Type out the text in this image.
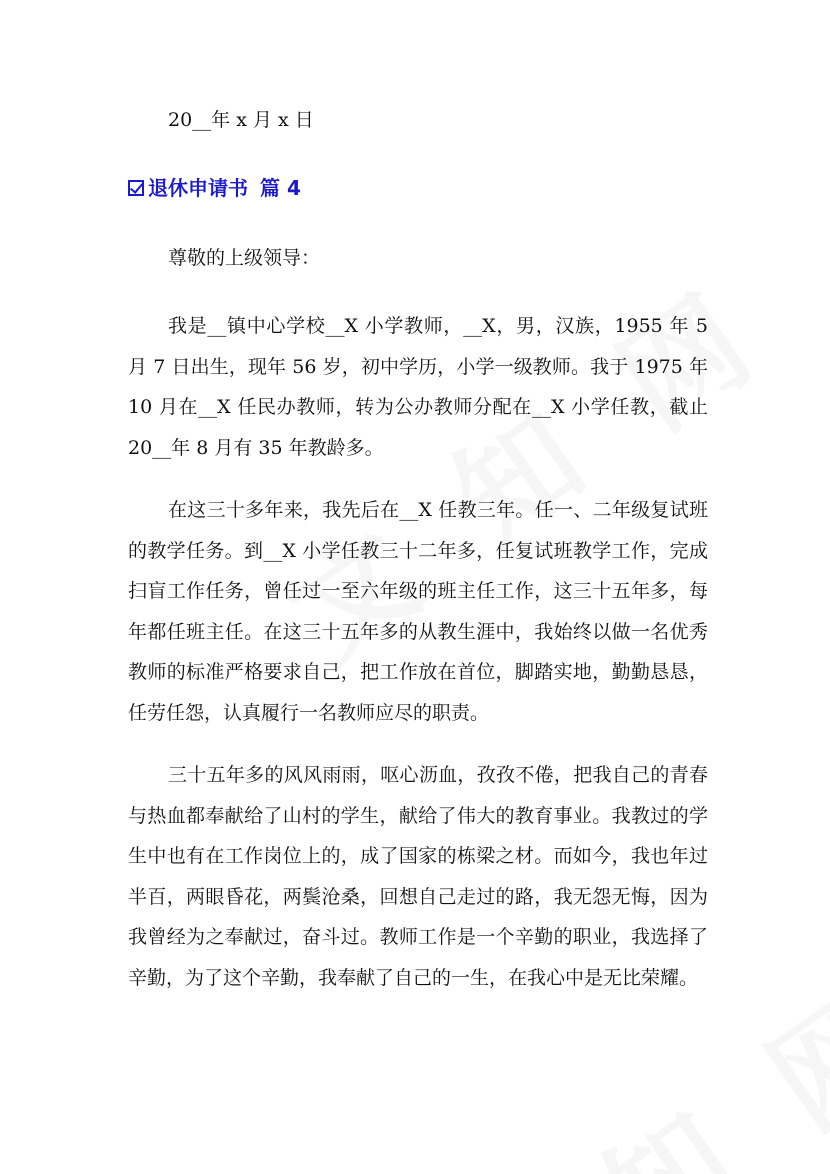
20__年 x 月 x 日
退休申请书 篇 4
尊敬的上级领导：

我是__镇中心学校__X 小学教师，__X，男，汉族，1955 年 5 月 7 日出生，现年 56 岁，初中学历，小学一级教师。我于 1975 年 10 月在__X 任民办教师，转为公办教师分配在__X 小学任教，截止 20__年 8 月有 35 年教龄多。

在这三十多年来，我先后在__X 任教三年。任一、二年级复试班的教学任务。到__X 小学任教三十二年多，任复试班教学工作，完成扫盲工作任务，曾任过一至六年级的班主任工作，这三十五年多，每年都任班主任。在这三十五年多的从教生涯中，我始终以做一名优秀教师的标准严格要求自己，把工作放在首位，脚踏实地，勤勤恳恳，任劳任怨，认真履行一名教师应尽的职责。

三十五年多的风风雨雨，呕心沥血，孜孜不倦，把我自己的青春与热血都奉献给了山村的学生，献给了伟大的教育事业。我教过的学生中也有在工作岗位上的，成了国家的栋梁之材。而如今，我也年过半百，两眼昏花，两鬓沧桑，回想自己走过的路，我无怨无悔，因为我曾经为之奉献过，奋斗过。教师工作是一个辛勤的职业，我选择了辛勤，为了这个辛勤，我奉献了自己的一生，在我心中是无比荣耀。
